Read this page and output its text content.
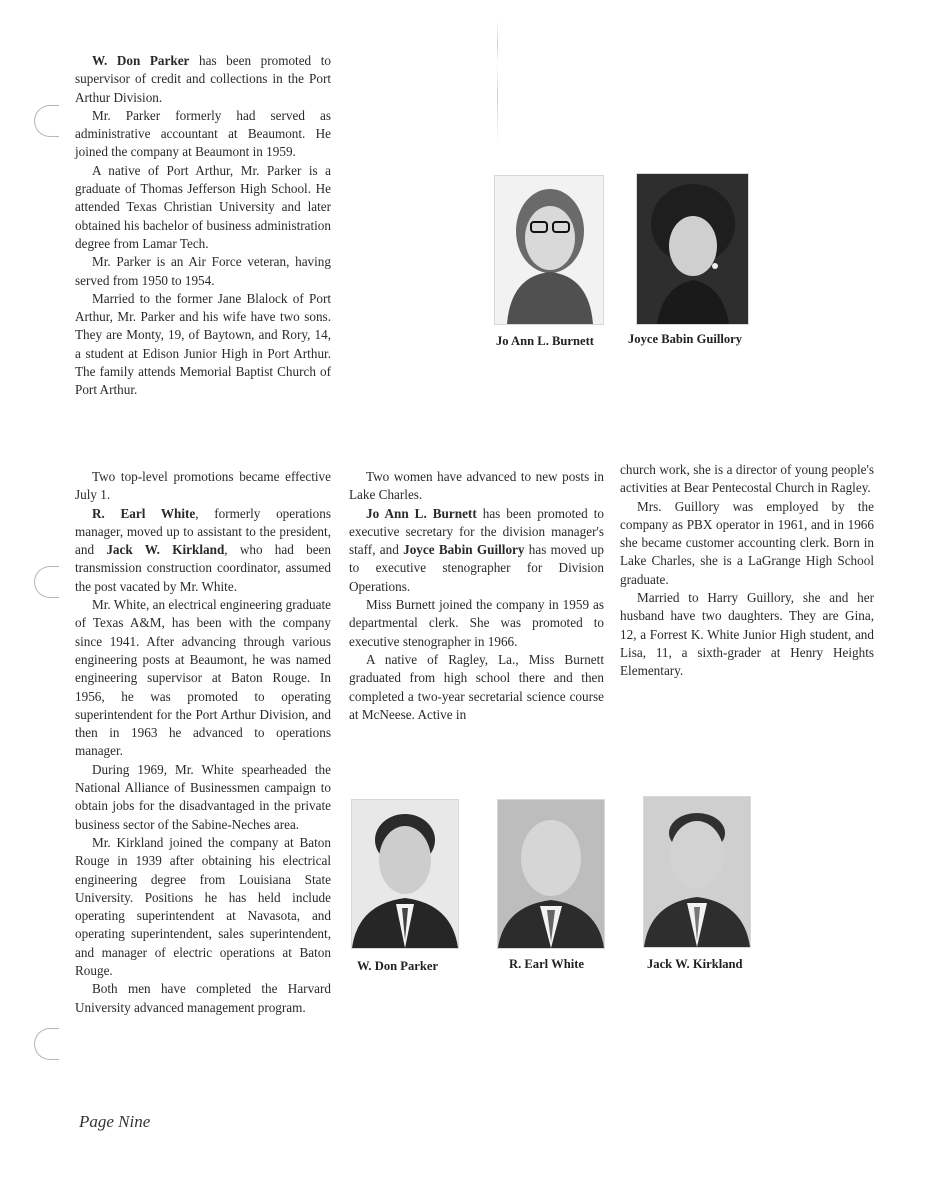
W. Don Parker has been promoted to supervisor of credit and collections in the Port Arthur Division.

Mr. Parker formerly had served as administrative accountant at Beaumont. He joined the company at Beaumont in 1959.

A native of Port Arthur, Mr. Parker is a graduate of Thomas Jefferson High School. He attended Texas Christian University and later obtained his bachelor of business administration degree from Lamar Tech.

Mr. Parker is an Air Force veteran, having served from 1950 to 1954.

Married to the former Jane Blalock of Port Arthur, Mr. Parker and his wife have two sons. They are Monty, 19, of Baytown, and Rory, 14, a student at Edison Junior High in Port Arthur. The family attends Memorial Baptist Church of Port Arthur.

Two top-level promotions became effective July 1.

R. Earl White, formerly operations manager, moved up to assistant to the president, and Jack W. Kirkland, who had been transmission construction coordinator, assumed the post vacated by Mr. White.

Mr. White, an electrical engineering graduate of Texas A&M, has been with the company since 1941. After advancing through various engineering posts at Beaumont, he was named engineering supervisor at Baton Rouge. In 1956, he was promoted to operating superintendent for the Port Arthur Division, and then in 1963 he advanced to operations manager.

During 1969, Mr. White spearheaded the National Alliance of Businessmen campaign to obtain jobs for the disadvantaged in the private business sector of the Sabine-Neches area.

Mr. Kirkland joined the company at Baton Rouge in 1939 after obtaining his electrical engineering degree from Louisiana State University. Positions he has held include operating superintendent at Navasota, and operating superintendent, sales superintendent, and manager of electric operations at Baton Rouge.

Both men have completed the Harvard University advanced management program.

Two women have advanced to new posts in Lake Charles.

Jo Ann L. Burnett has been promoted to executive secretary for the division manager's staff, and Joyce Babin Guillory has moved up to executive stenographer for Division Operations.

Miss Burnett joined the company in 1959 as departmental clerk. She was promoted to executive stenographer in 1966.

A native of Ragley, La., Miss Burnett graduated from high school there and then completed a two-year secretarial science course at McNeese. Active in

church work, she is a director of young people's activities at Bear Pentecostal Church in Ragley.

Mrs. Guillory was employed by the company as PBX operator in 1961, and in 1966 she became customer accounting clerk. Born in Lake Charles, she is a LaGrange High School graduate.

Married to Harry Guillory, she and her husband have two daughters. They are Gina, 12, a Forrest K. White Junior High student, and Lisa, 11, a sixth-grader at Henry Heights Elementary.

Jo Ann L. Burnett	Joyce Babin Guillory
W. Don Parker	R. Earl White	Jack W. Kirkland
Page Nine
